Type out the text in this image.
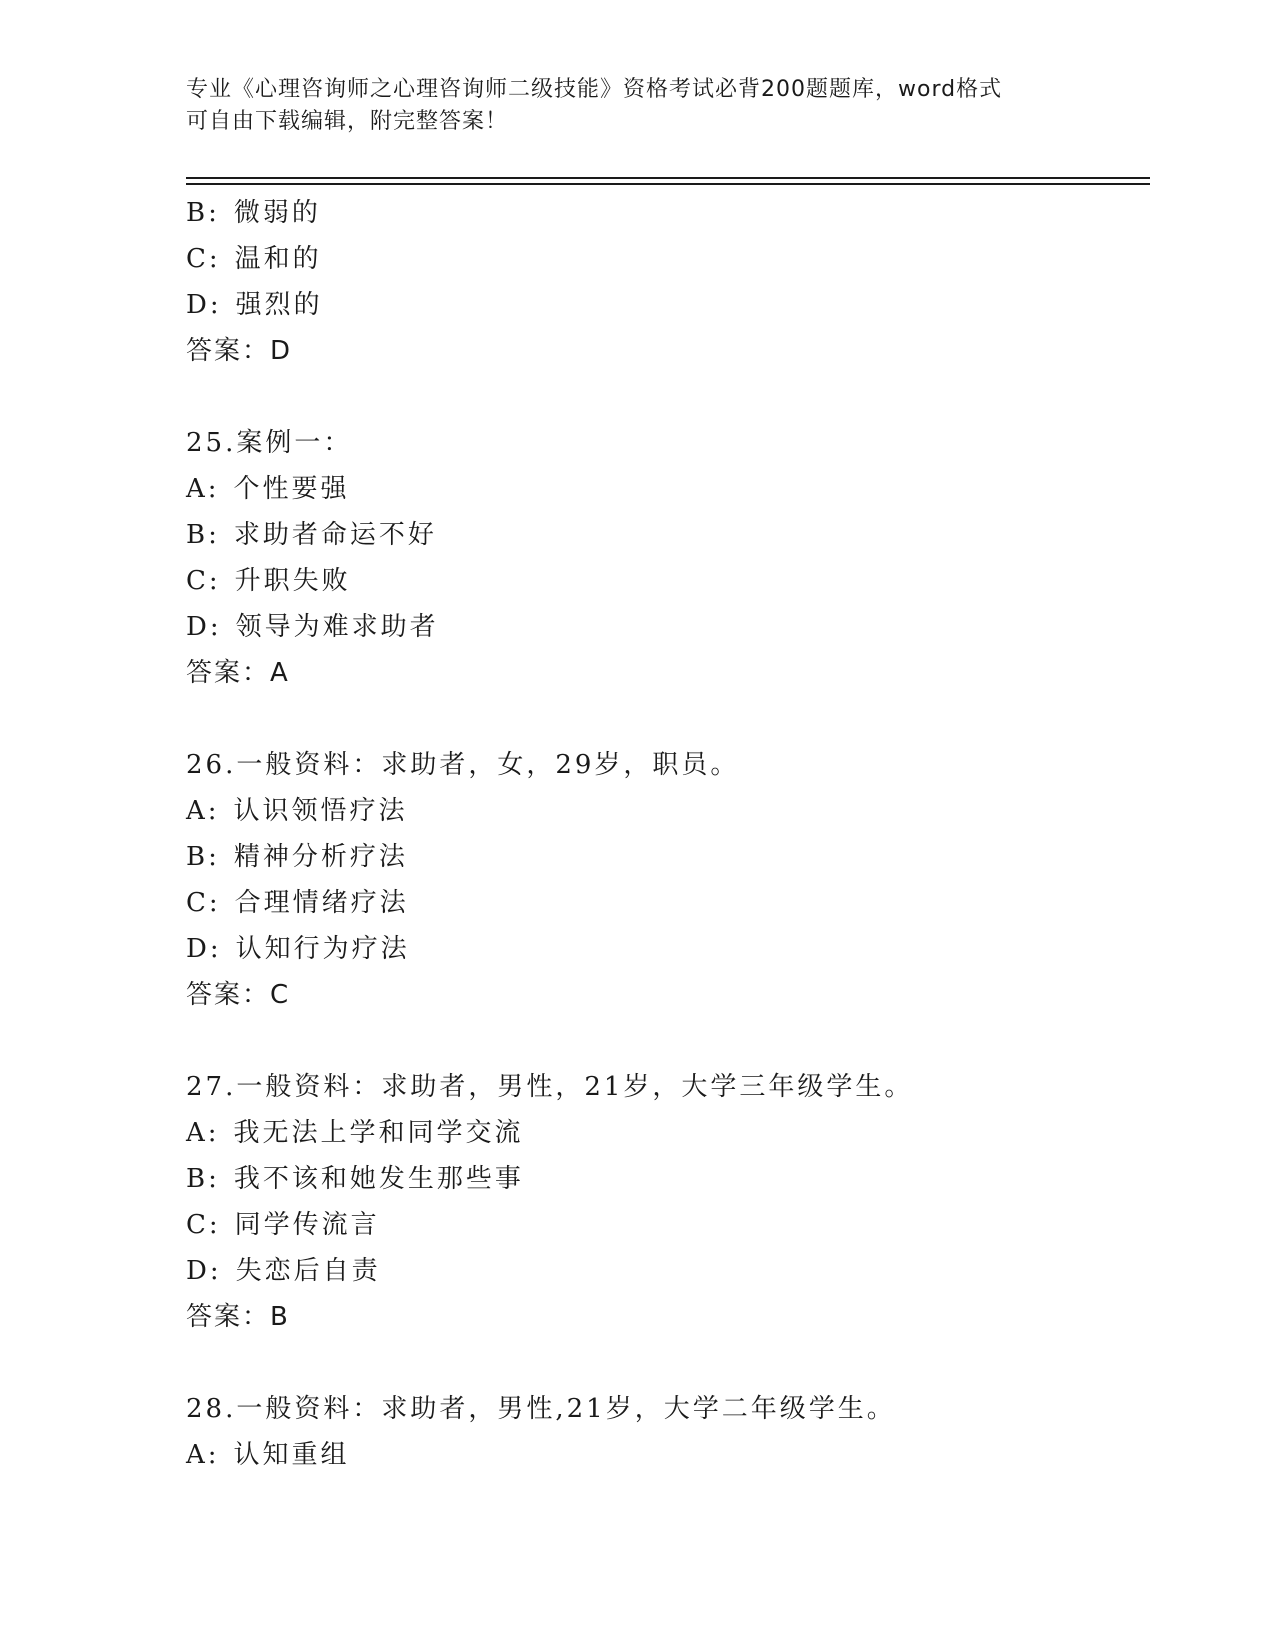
专业《心理咨询师之心理咨询师二级技能》资格考试必背200题题库，word格式
可自由下载编辑，附完整答案！
B: 微弱的
C: 温和的
D: 强烈的
答案：D
25.案例一：
A: 个性要强
B: 求助者命运不好
C: 升职失败
D: 领导为难求助者
答案：A
26.一般资料：求助者，女，29岁，职员。
A: 认识领悟疗法
B: 精神分析疗法
C: 合理情绪疗法
D: 认知行为疗法
答案：C
27.一般资料：求助者，男性，21岁，大学三年级学生。
A: 我无法上学和同学交流
B: 我不该和她发生那些事
C: 同学传流言
D: 失恋后自责
答案：B
28.一般资料：求助者，男性,21岁，大学二年级学生。
A: 认知重组
